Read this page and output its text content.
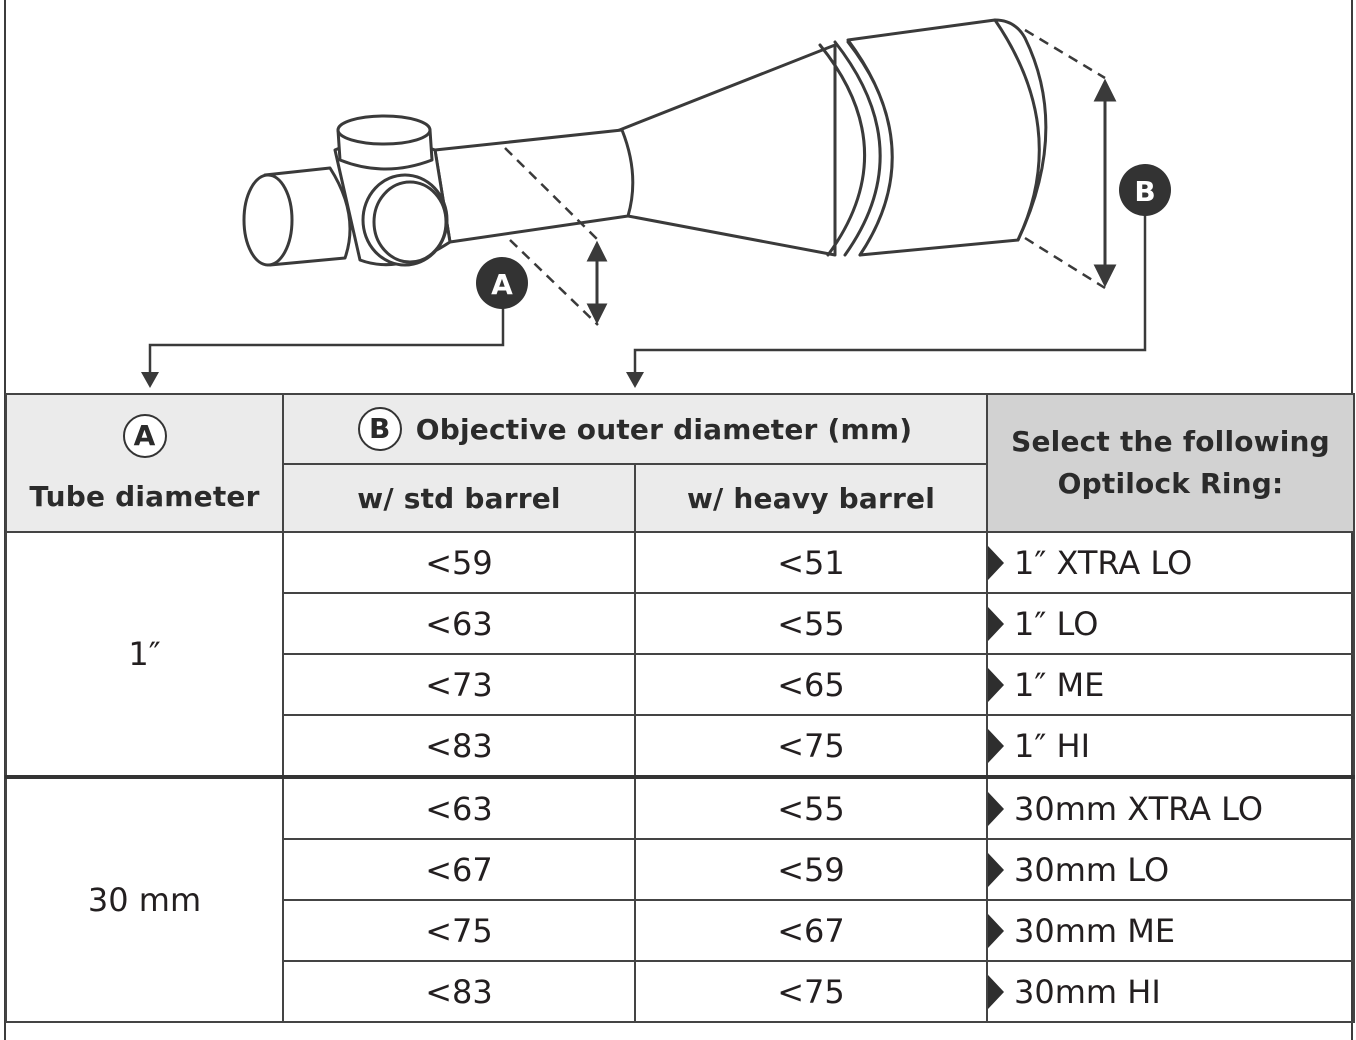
A
B
A
Tube diameter	B Objective outer diameter (mm)		Select the following
Optilock Ring:

	w/ std barrel	w/ heavy barrel	
1″	<59	<51	1″ XTRA LO
	<63	<55	1″ LO
	<73	<65	1″ ME
	<83	<75	1″ HI
30 mm	<63	<55	30mm XTRA LO
	<67	<59	30mm LO
	<75	<67	30mm ME
	<83	<75	30mm HI
